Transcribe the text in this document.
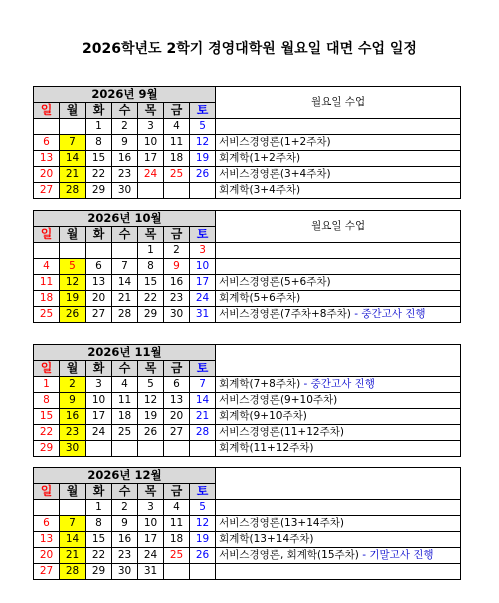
2026학년도 2학기 경영대학원 월요일 대면 수업 일정
2026년 9월							월요일 수업
일	월	화	수	목	금	토	
		1	2	3	4	5	
6	7	8	9	10	11	12	서비스경영론(1+2주차)
13	14	15	16	17	18	19	회계학(1+2주차)
20	21	22	23	24	25	26	서비스경영론(3+4주차)
27	28	29	30				회계학(3+4주차)
2026년 10월							월요일 수업
일	월	화	수	목	금	토	
				1	2	3	
4	5	6	7	8	9	10	
11	12	13	14	15	16	17	서비스경영론(5+6주차)
18	19	20	21	22	23	24	회계학(5+6주차)
25	26	27	28	29	30	31	서비스경영론(7주차+8주차) - 중간고사 진행
2026년 11월							
일	월	화	수	목	금	토	
1	2	3	4	5	6	7	회계학(7+8주차) - 중간고사 진행
8	9	10	11	12	13	14	서비스경영론(9+10주차)
15	16	17	18	19	20	21	회계학(9+10주차)
22	23	24	25	26	27	28	서비스경영론(11+12주차)
29	30						회계학(11+12주차)
2026년 12월							
일	월	화	수	목	금	토	
		1	2	3	4	5	
6	7	8	9	10	11	12	서비스경영론(13+14주차)
13	14	15	16	17	18	19	회계학(13+14주차)
20	21	22	23	24	25	26	서비스경영론, 회계학(15주차) - 기말고사 진행
27	28	29	30	31			
